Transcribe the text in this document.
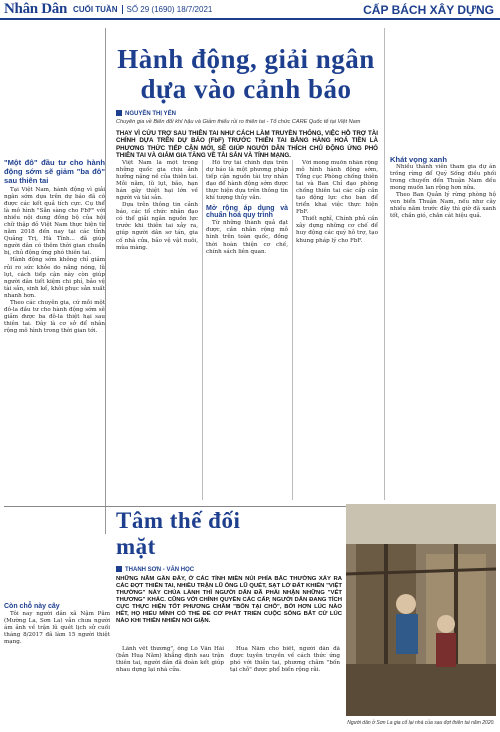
Nhân Dân CUỐI TUẦN	SỐ 29 (1690) 18/7/2021	CẤP BÁCH XÂY DỰNG
"Một đô" đầu tư cho hành động sớm sẽ giảm "ba đô" sau thiên tai

Tại Việt Nam, hành động vì giải ngân sớm dựa trên dự báo đã có được các kết quả tích cực. Cụ thể là mô hình "Sẵn sàng cho FbF" với nhiều nội dung đồng bộ của hội chữ thập đỏ Việt Nam thực hiện từ năm 2018 đến nay tại các tỉnh Quảng Trị, Hà Tĩnh... đã giúp người dân có thêm thời gian chuẩn bị, chủ động ứng phó thiên tai.

Hành động sớm không chỉ giảm rủi ro sức khỏe do nắng nóng, lũ lụt, cách tiếp cận này còn giúp người dân tiết kiệm chi phí, bảo vệ tài sản, sinh kế, khôi phục sản xuất nhanh hơn.

Theo các chuyên gia, cứ mỗi một đô-la đầu tư cho hành động sớm sẽ giảm được ba đô-la thiệt hại sau thiên tai. Đây là cơ sở để nhân rộng mô hình trong thời gian tới.

Hành động, giải ngân dựa vào cảnh báo
NGUYỄN THỊ YẾN
Chuyên gia về Biến đổi khí hậu và Giảm thiểu rủi ro thiên tai - Tổ chức CARE Quốc tế tại Việt Nam
THAY VÌ CỨU TRỢ SAU THIÊN TAI NHƯ CÁCH LÀM TRUYỀN THỐNG, VIỆC HỖ TRỢ TÀI CHÍNH DỰA TRÊN DỰ BÁO (FbF) TRƯỚC THIÊN TAI BẰNG HÀNG HOÁ TIỀN LÀ PHƯƠNG THỨC TIẾP CẬN MỚI, SẼ GIÚP NGƯỜI DÂN THÍCH CHỦ ĐỘNG ỨNG PHÓ THIÊN TAI VÀ GIẢM GIA TĂNG VỀ TÀI SẢN VÀ TÍNH MẠNG.

Việt Nam là một trong những quốc gia chịu ảnh hưởng nặng nề của thiên tai. Mỗi năm, lũ lụt, bão, hạn hán gây thiệt hại lớn về người và tài sản.

Dựa trên thông tin cảnh báo, các tổ chức nhân đạo có thể giải ngân nguồn lực trước khi thiên tai xảy ra, giúp người dân sơ tán, gia cố nhà cửa, bảo vệ vật nuôi, mùa màng.

Hỗ trợ tài chính dựa trên dự báo là một phương pháp tiếp cận nguồn tài trợ nhân đạo để hành động sớm được thực hiện dựa trên thông tin khí tượng thủy văn.

Mở rộng áp dụng và chuẩn hoá quy trình

Từ những thành quả đạt được, cần nhân rộng mô hình trên toàn quốc, đồng thời hoàn thiện cơ chế, chính sách liên quan.

Với mong muốn nhân rộng mô hình hành động sớm, Tổng cục Phòng chống thiên tai và Ban Chỉ đạo phòng chống thiên tai các cấp cần tạo động lực cho ban để triển khai việc thực hiện FbF.

Thiết nghĩ, Chính phủ cần xây dựng những cơ chế để huy động các quỹ hỗ trợ, tạo khung pháp lý cho FbF.

Khát vọng xanh

Nhiều thành viên tham gia dự án trồng rừng để Quỹ Sống điều phối trong chuyến đến Thuận Nam đều mong muốn lan rộng hơn nữa.

Theo Ban Quản lý rừng phòng hộ ven biển Thuận Nam, nếu như cây nhiều năm trước đây thì giờ đã xanh tốt, chắn gió, chắn cát hiệu quả.

Tâm thế đối mặt
THANH SƠN - VĂN HỌC
NHỮNG NĂM GẦN ĐÂY, Ở CÁC TỈNH MIỀN NÚI PHÍA BẮC THƯỜNG XẢY RA CÁC ĐỢT THIÊN TAI, NHIỀU TRẬN LŨ ỐNG LŨ QUÉT, SẠT LỞ ĐẤT KHIẾN "VIỆT THƯỜNG" NÀY CHỦA LÀNH THÌ NGƯỜI DÂN ĐÃ PHẢI NHẬN NHỮNG "VẾT THƯƠNG" KHÁC. CŨNG VỚI CHÍNH QUYỀN CÁC CẤP, NGƯỜI DÂN ĐANG TÍCH CỰC THỰC HIỆN TỐT PHƯƠNG CHÂM "BỐN TẠI CHỖ", BỚI HƠN LÚC NÀO HẾT, HỌ HIỂU MÌNH CÓ THỂ ĐỂ CƠ PHÁT TRIỂN CUỘC SỐNG BẮT CỨ LÚC NÀO KHI THIÊN NHIÊN NỔI GIẬN.
Còn chỗ này cây

Tôi nay người dân xã Nậm Păm (Mường La, Sơn La) vẫn chưa người ám ảnh về trận lũ quét lịch sử cuối tháng 8/2017 đã làm 15 người thiệt mạng.

Lãnh vết thương", ông Lò Văn Hải (bản Huạ Năm) khẳng định sau trận thiên tai, người dân đã đoàn kết giúp nhau dựng lại nhà cửa.

Hua Năm cho biết, người dân đã được tuyên truyền về cách thức ứng phó với thiên tai, phương châm "bốn tại chỗ" được phổ biến rộng rãi.

Người dân ở Sơn La gia cố lại nhà của sau đợt thiên tai năm 2020.
